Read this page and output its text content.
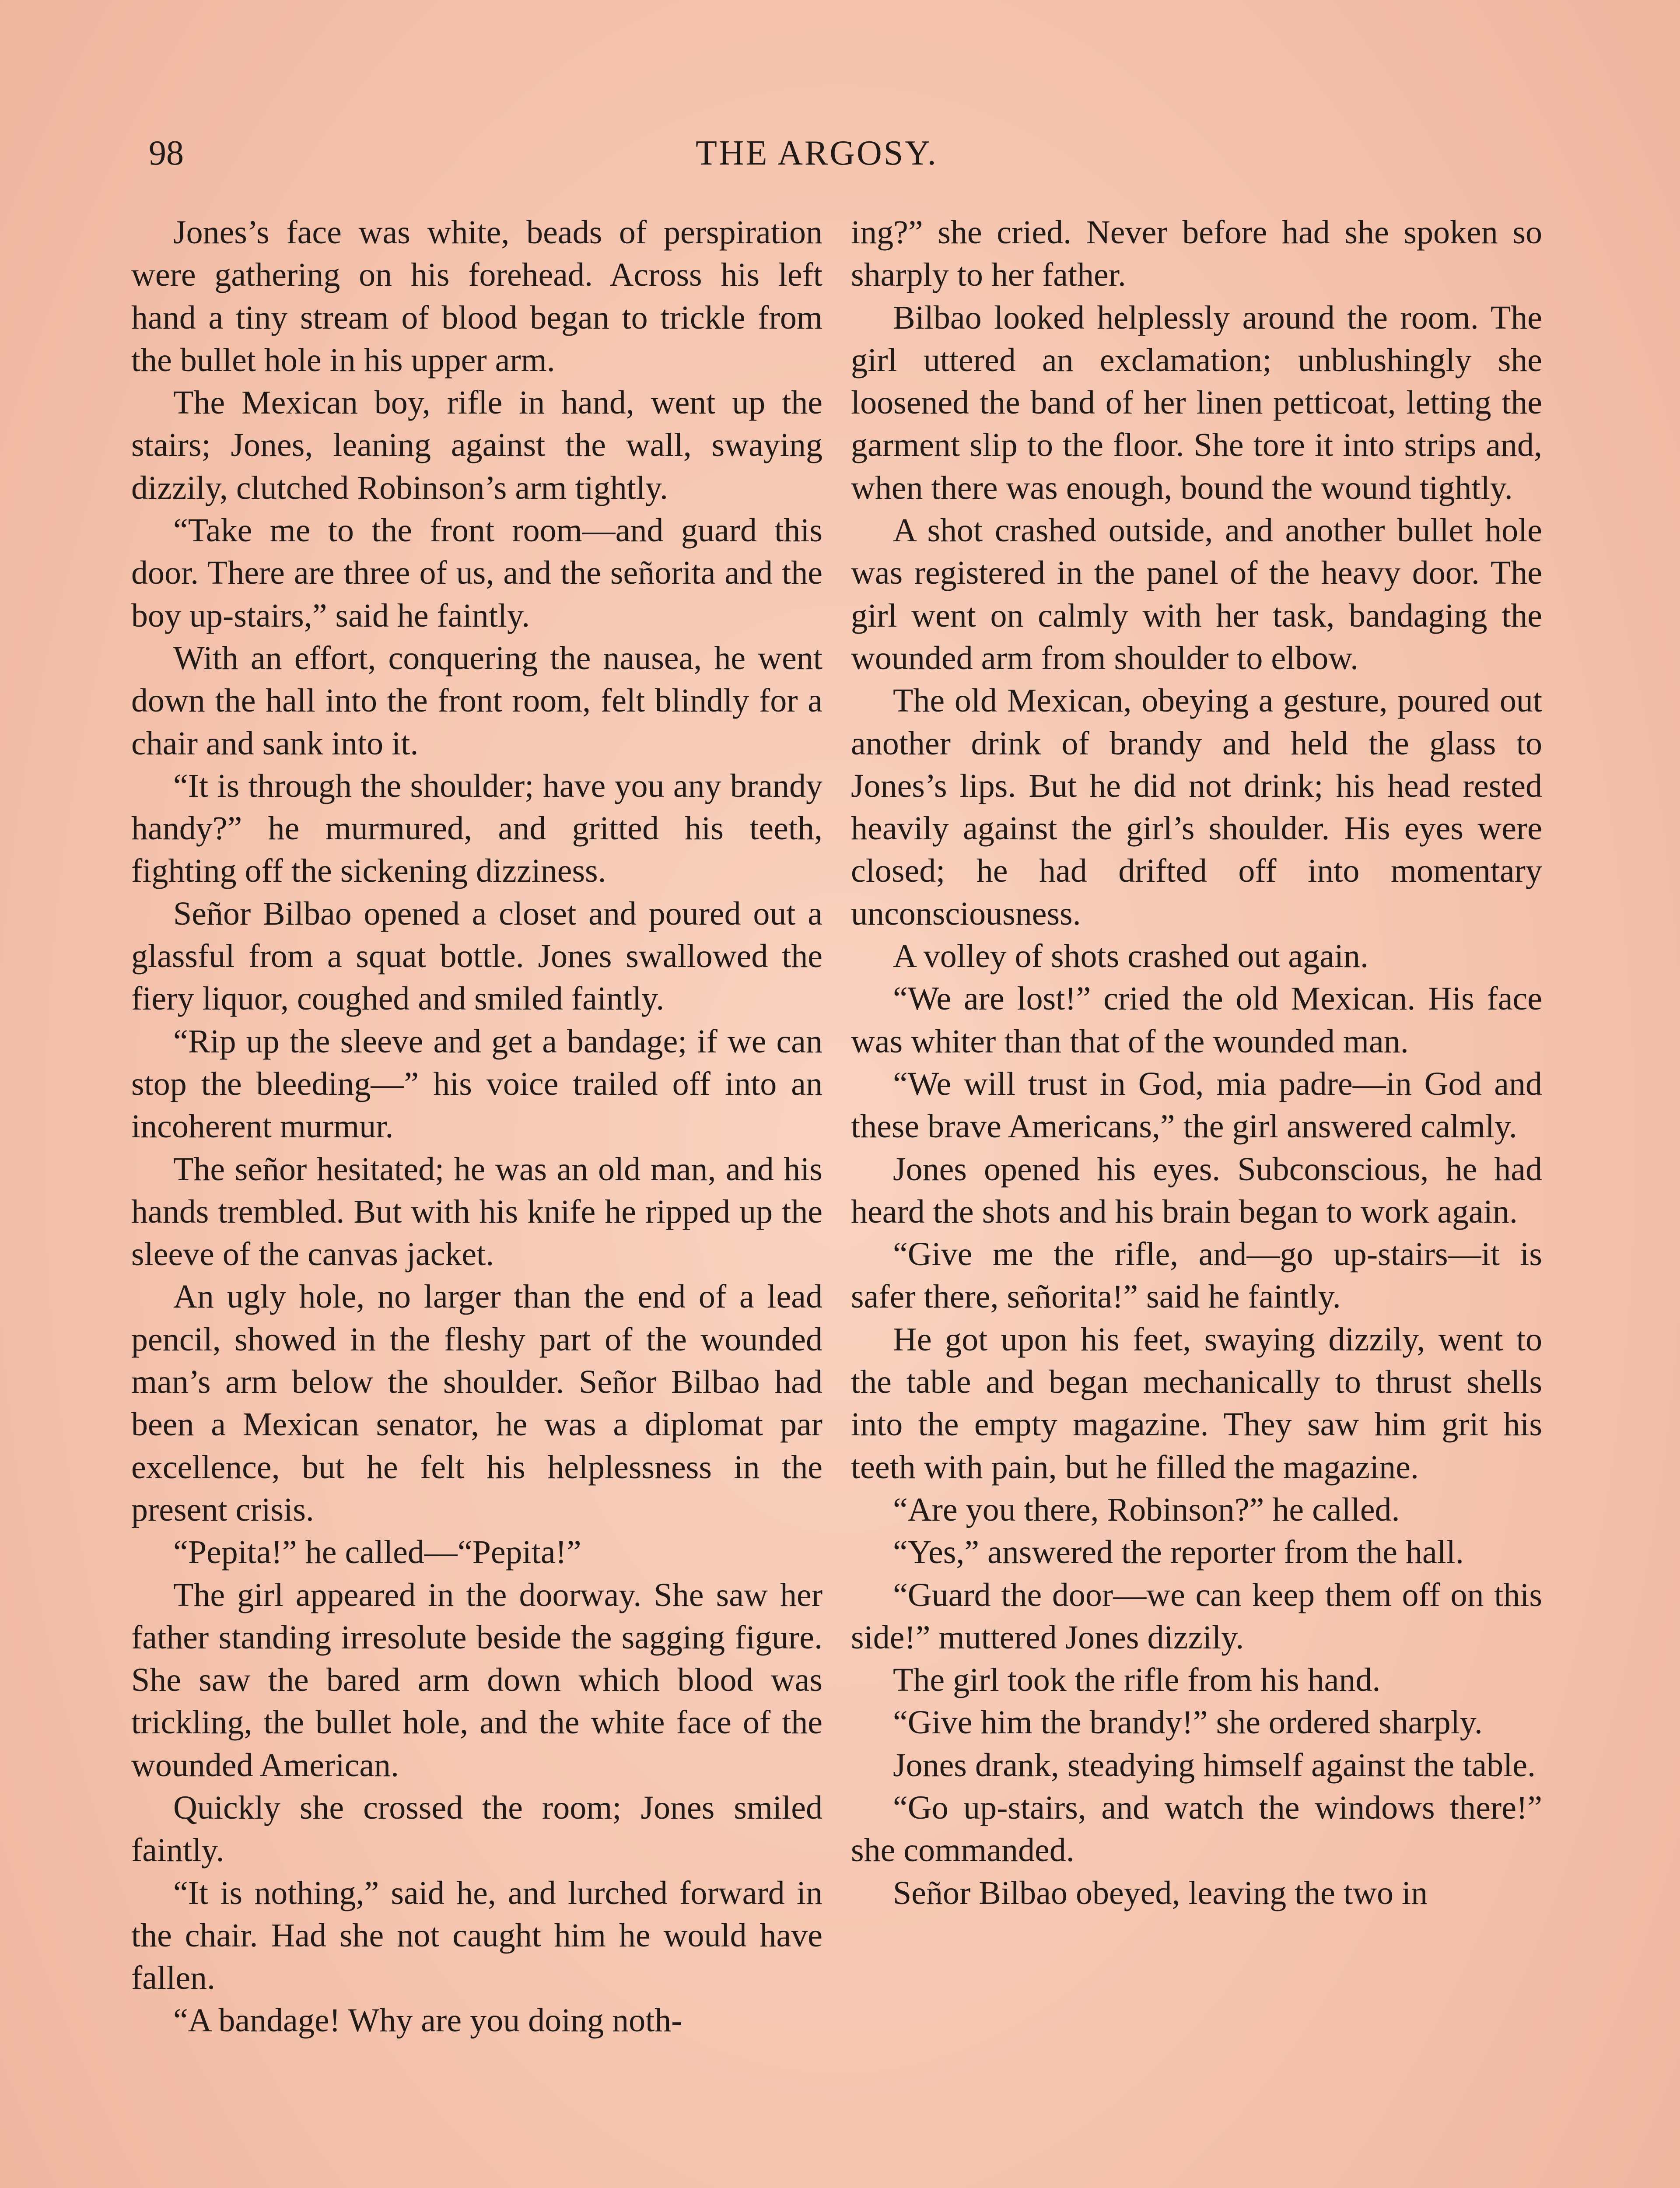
98	THE ARGOSY.

Jones’s face was white, beads of perspiration were gathering on his forehead. Across his left hand a tiny stream of blood began to trickle from the bullet hole in his upper arm.

The Mexican boy, rifle in hand, went up the stairs; Jones, leaning against the wall, swaying dizzily, clutched Robinson’s arm tightly.

“Take me to the front room—and guard this door. There are three of us, and the señorita and the boy up-stairs,” said he faintly.

With an effort, conquering the nausea, he went down the hall into the front room, felt blindly for a chair and sank into it.

“It is through the shoulder; have you any brandy handy?” he murmured, and gritted his teeth, fighting off the sickening dizziness.

Señor Bilbao opened a closet and poured out a glassful from a squat bottle. Jones swallowed the fiery liquor, coughed and smiled faintly.

“Rip up the sleeve and get a bandage; if we can stop the bleeding—” his voice trailed off into an incoherent murmur.

The señor hesitated; he was an old man, and his hands trembled. But with his knife he ripped up the sleeve of the canvas jacket.

An ugly hole, no larger than the end of a lead pencil, showed in the fleshy part of the wounded man’s arm below the shoulder. Señor Bilbao had been a Mexican senator, he was a diplomat par excellence, but he felt his helplessness in the present crisis.

“Pepita!” he called—“Pepita!”

The girl appeared in the doorway. She saw her father standing irresolute beside the sagging figure. She saw the bared arm down which blood was trickling, the bullet hole, and the white face of the wounded American.

Quickly she crossed the room; Jones smiled faintly.

“It is nothing,” said he, and lurched forward in the chair. Had she not caught him he would have fallen.

“A bandage! Why are you doing noth-

ing?” she cried. Never before had she spoken so sharply to her father.

Bilbao looked helplessly around the room. The girl uttered an exclamation; unblushingly she loosened the band of her linen petticoat, letting the garment slip to the floor. She tore it into strips and, when there was enough, bound the wound tightly.

A shot crashed outside, and another bullet hole was registered in the panel of the heavy door. The girl went on calmly with her task, bandaging the wounded arm from shoulder to elbow.

The old Mexican, obeying a gesture, poured out another drink of brandy and held the glass to Jones’s lips. But he did not drink; his head rested heavily against the girl’s shoulder. His eyes were closed; he had drifted off into momentary unconsciousness.

A volley of shots crashed out again.

“We are lost!” cried the old Mexican. His face was whiter than that of the wounded man.

“We will trust in God, mia padre—in God and these brave Americans,” the girl answered calmly.

Jones opened his eyes. Subconscious, he had heard the shots and his brain began to work again.

“Give me the rifle, and—go up-stairs—it is safer there, señorita!” said he faintly.

He got upon his feet, swaying dizzily, went to the table and began mechanically to thrust shells into the empty magazine. They saw him grit his teeth with pain, but he filled the magazine.

“Are you there, Robinson?” he called.

“Yes,” answered the reporter from the hall.

“Guard the door—we can keep them off on this side!” muttered Jones dizzily.

The girl took the rifle from his hand.

“Give him the brandy!” she ordered sharply.

Jones drank, steadying himself against the table.

“Go up-stairs, and watch the windows there!” she commanded.

Señor Bilbao obeyed, leaving the two in
